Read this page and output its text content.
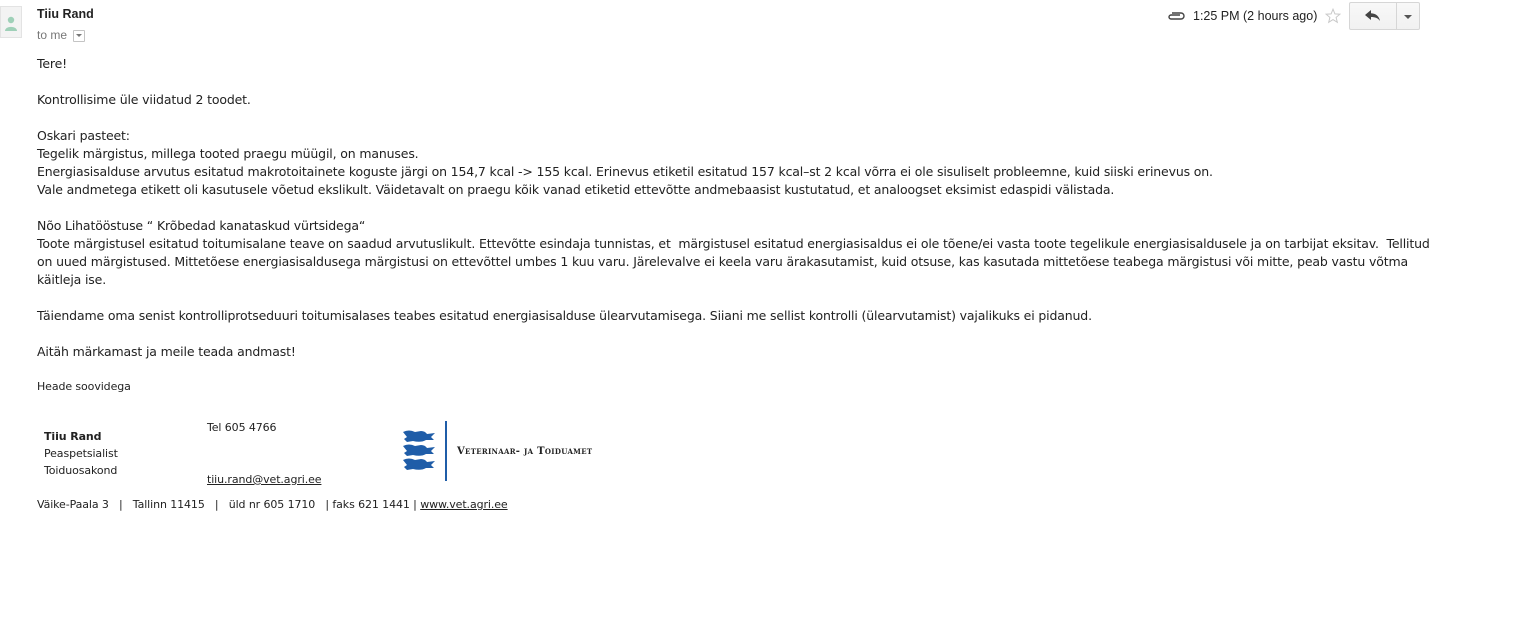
Tiiu Rand
to me
1:25 PM (2 hours ago)

Tere!

Kontrollisime üle viidatud 2 toodet.

Oskari pasteet:

Tegelik märgistus, millega tooted praegu müügil, on manuses.

Energiasisalduse arvutus esitatud makrotoitainete koguste järgi on 154,7 kcal -> 155 kcal. Erinevus etiketil esitatud 157 kcal–st 2 kcal võrra ei ole sisuliselt probleemne, kuid siiski erinevus on.

Vale andmetega etikett oli kasutusele võetud ekslikult. Väidetavalt on praegu kõik vanad etiketid ettevõtte andmebaasist kustutatud, et analoogset eksimist edaspidi välistada.

Nõo Lihatööstuse “ Krõbedad kanataskud vürtsidega“

Toote märgistusel esitatud toitumisalane teave on saadud arvutuslikult. Ettevõtte esindaja tunnistas, et  märgistusel esitatud energiasisaldus ei ole tõene/ei vasta toote tegelikule energiasisaldusele ja on tarbijat eksitav.  Tellitud on uued märgistused. Mittetõese energiasisaldusega märgistusi on ettevõttel umbes 1 kuu varu. Järelevalve ei keela varu ärakasutamist, kuid otsuse, kas kasutada mittetõese teabega märgistusi või mitte, peab vastu võtma käitleja ise.

Täiendame oma senist kontrolliprotseduuri toitumisalases teabes esitatud energiasisalduse ülearvutamisega. Siiani me sellist kontrolli (ülearvutamist) vajalikuks ei pidanud.

Aitäh märkamast ja meile teada andmast!

Heade soovidega
Tiiu Rand
Peaspetsialist
Toiduosakond
Tel 605 4766
tiiu.rand@vet.agri.ee
Veterinaar- ja Toiduamet
Väike-Paala 3   |   Tallinn 11415   |   üld nr 605 1710   | faks 621 1441 | www.vet.agri.ee
